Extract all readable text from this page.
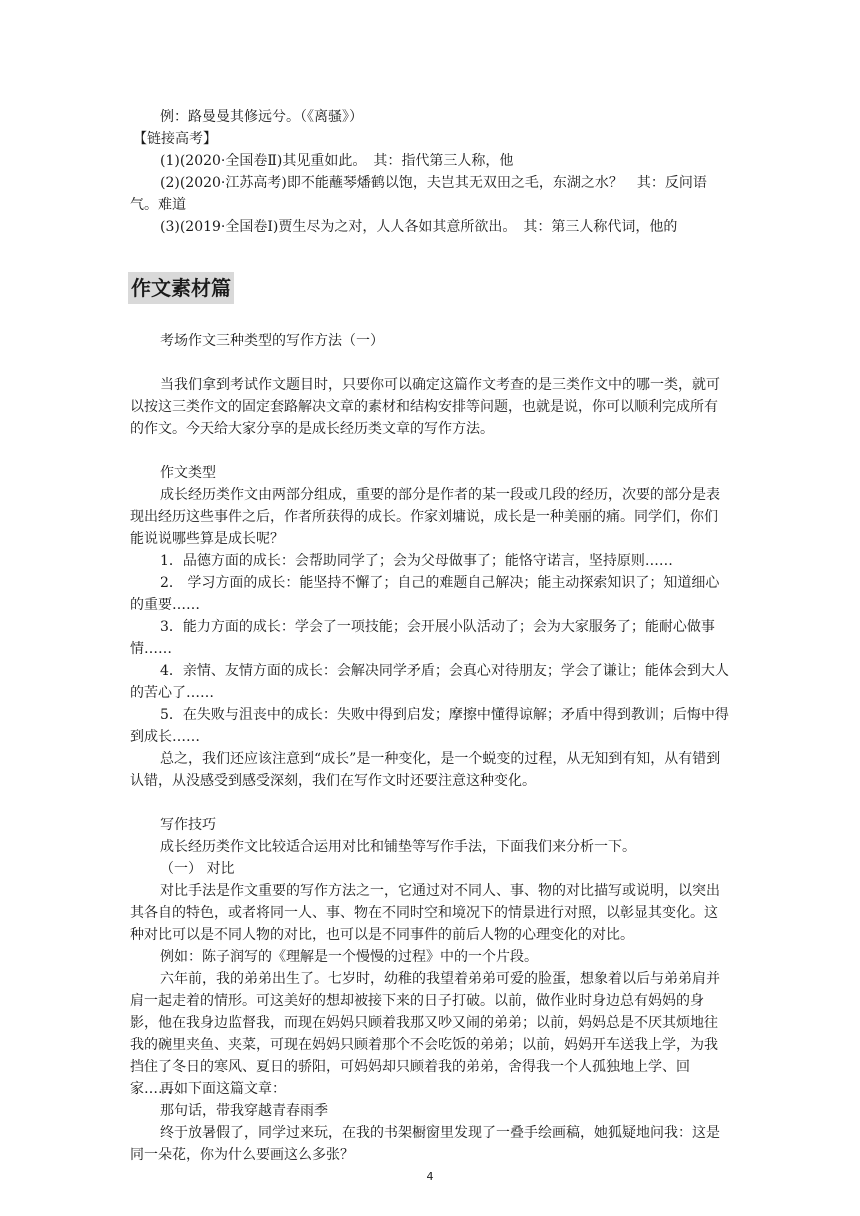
例：路曼曼其修远兮。（《离骚》）

【链接高考】

(1)(2020·全国卷Ⅱ)其见重如此。　其：指代第三人称，他

(2)(2020·江苏高考)即不能蘸琴燔鹤以饱，夫岂其无双田之毛，东湖之水？　其：反问语气。难道

(3)(2019·全国卷Ⅰ)贾生尽为之对，人人各如其意所欲出。　其：第三人称代词，他的

作文素材篇

考场作文三种类型的写作方法（一）

当我们拿到考试作文题目时，只要你可以确定这篇作文考查的是三类作文中的哪一类，就可以按这三类作文的固定套路解决文章的素材和结构安排等问题，也就是说，你可以顺利完成所有的作文。今天给大家分享的是成长经历类文章的写作方法。

作文类型

成长经历类作文由两部分组成，重要的部分是作者的某一段或几段的经历，次要的部分是表现出经历这些事件之后，作者所获得的成长。作家刘墉说，成长是一种美丽的痛。同学们，你们能说说哪些算是成长呢？

1．品德方面的成长：会帮助同学了；会为父母做事了；能恪守诺言，坚持原则……

2． 学习方面的成长：能坚持不懈了；自己的难题自己解决；能主动探索知识了；知道细心的重要……

3．能力方面的成长：学会了一项技能；会开展小队活动了；会为大家服务了；能耐心做事情……

4．亲情、友情方面的成长：会解决同学矛盾；会真心对待朋友；学会了谦让；能体会到大人的苦心了……

5．在失败与沮丧中的成长：失败中得到启发；摩擦中懂得谅解；矛盾中得到教训；后悔中得到成长……

总之，我们还应该注意到“成长”是一种变化，是一个蜕变的过程，从无知到有知，从有错到认错，从没感受到感受深刻，我们在写作文时还要注意这种变化。

写作技巧

成长经历类作文比较适合运用对比和铺垫等写作手法，下面我们来分析一下。

（一） 对比

对比手法是作文重要的写作方法之一，它通过对不同人、事、物的对比描写或说明，以突出其各自的特色，或者将同一人、事、物在不同时空和境况下的情景进行对照，以彰显其变化。这种对比可以是不同人物的对比，也可以是不同事件的前后人物的心理变化的对比。

例如：陈子润写的《理解是一个慢慢的过程》中的一个片段。

六年前，我的弟弟出生了。七岁时，幼稚的我望着弟弟可爱的脸蛋，想象着以后与弟弟肩并肩一起走着的情形。可这美好的想却被接下来的日子打破。以前，做作业时身边总有妈妈的身影，他在我身边监督我，而现在妈妈只顾着我那又吵又闹的弟弟；以前，妈妈总是不厌其烦地往我的碗里夹鱼、夹菜，可现在妈妈只顾着那个不会吃饭的弟弟；以前，妈妈开车送我上学，为我挡住了冬日的寒风、夏日的骄阳，可妈妈却只顾着我的弟弟，舍得我一个人孤独地上学、回家……

再如下面这篇文章：

那句话，带我穿越青春雨季

终于放暑假了，同学过来玩，在我的书架橱窗里发现了一叠手绘画稿，她狐疑地问我：这是同一朵花，你为什么要画这么多张？

4
